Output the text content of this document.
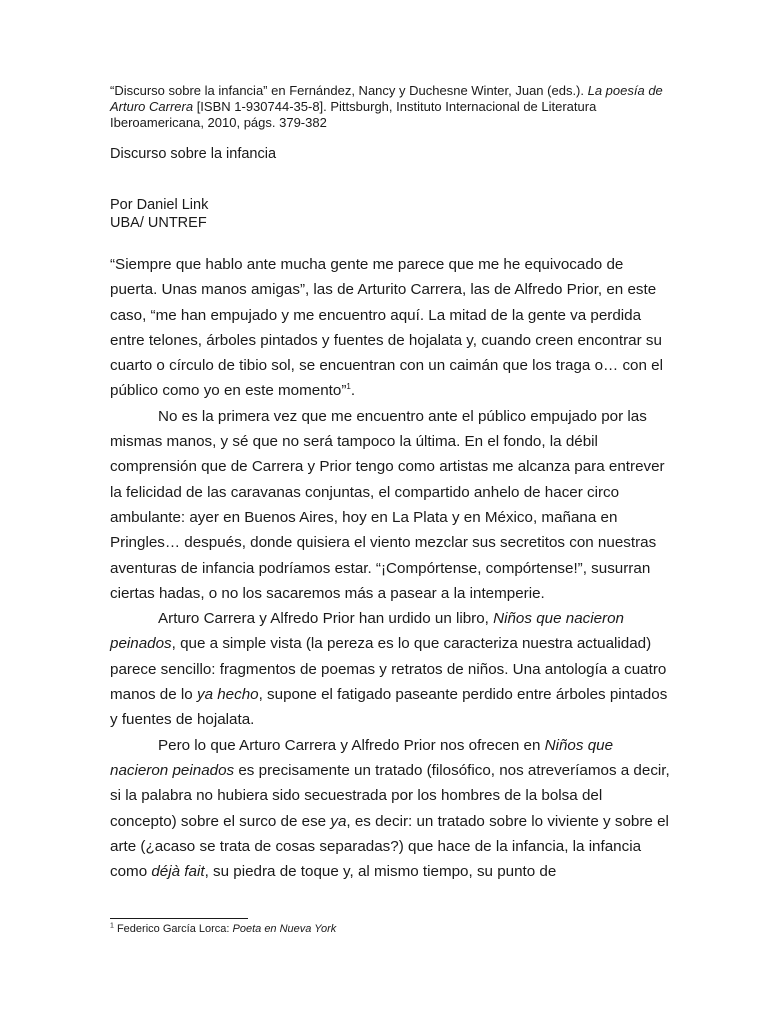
“Discurso sobre la infancia” en Fernández, Nancy y Duchesne Winter, Juan (eds.). La poesía de Arturo Carrera [ISBN 1-930744-35-8]. Pittsburgh, Instituto Internacional de Literatura Iberoamericana, 2010, págs. 379-382
Discurso sobre la infancia
Por Daniel Link
UBA/ UNTREF

“Siempre que hablo ante mucha gente me parece que me he equivocado de puerta. Unas manos amigas”, las de Arturito Carrera, las de Alfredo Prior, en este caso, “me han empujado y me encuentro aquí. La mitad de la gente va perdida entre telones, árboles pintados y fuentes de hojalata y, cuando creen encontrar su cuarto o círculo de tibio sol, se encuentran con un caimán que los traga o… con el público como yo en este momento”$^1$.

No es la primera vez que me encuentro ante el público empujado por las mismas manos, y sé que no será tampoco la última. En el fondo, la débil comprensión que de Carrera y Prior tengo como artistas me alcanza para entrever la felicidad de las caravanas conjuntas, el compartido anhelo de hacer circo ambulante: ayer en Buenos Aires, hoy en La Plata y en México, mañana en Pringles… después, donde quisiera el viento mezclar sus secretitos con nuestras aventuras de infancia podríamos estar. “¡Compórtense, compórtense!”, susurran ciertas hadas, o no los sacaremos más a pasear a la intemperie.

Arturo Carrera y Alfredo Prior han urdido un libro, Niños que nacieron peinados, que a simple vista (la pereza es lo que caracteriza nuestra actualidad) parece sencillo: fragmentos de poemas y retratos de niños. Una antología a cuatro manos de lo ya hecho, supone el fatigado paseante perdido entre árboles pintados y fuentes de hojalata.

Pero lo que Arturo Carrera y Alfredo Prior nos ofrecen en Niños que nacieron peinados es precisamente un tratado (filosófico, nos atreveríamos a decir, si la palabra no hubiera sido secuestrada por los hombres de la bolsa del concepto) sobre el surco de ese ya, es decir: un tratado sobre lo viviente y sobre el arte (¿acaso se trata de cosas separadas?) que hace de la infancia, la infancia como déjà fait, su piedra de toque y, al mismo tiempo, su punto de

$^1$ Federico García Lorca: Poeta en Nueva York
